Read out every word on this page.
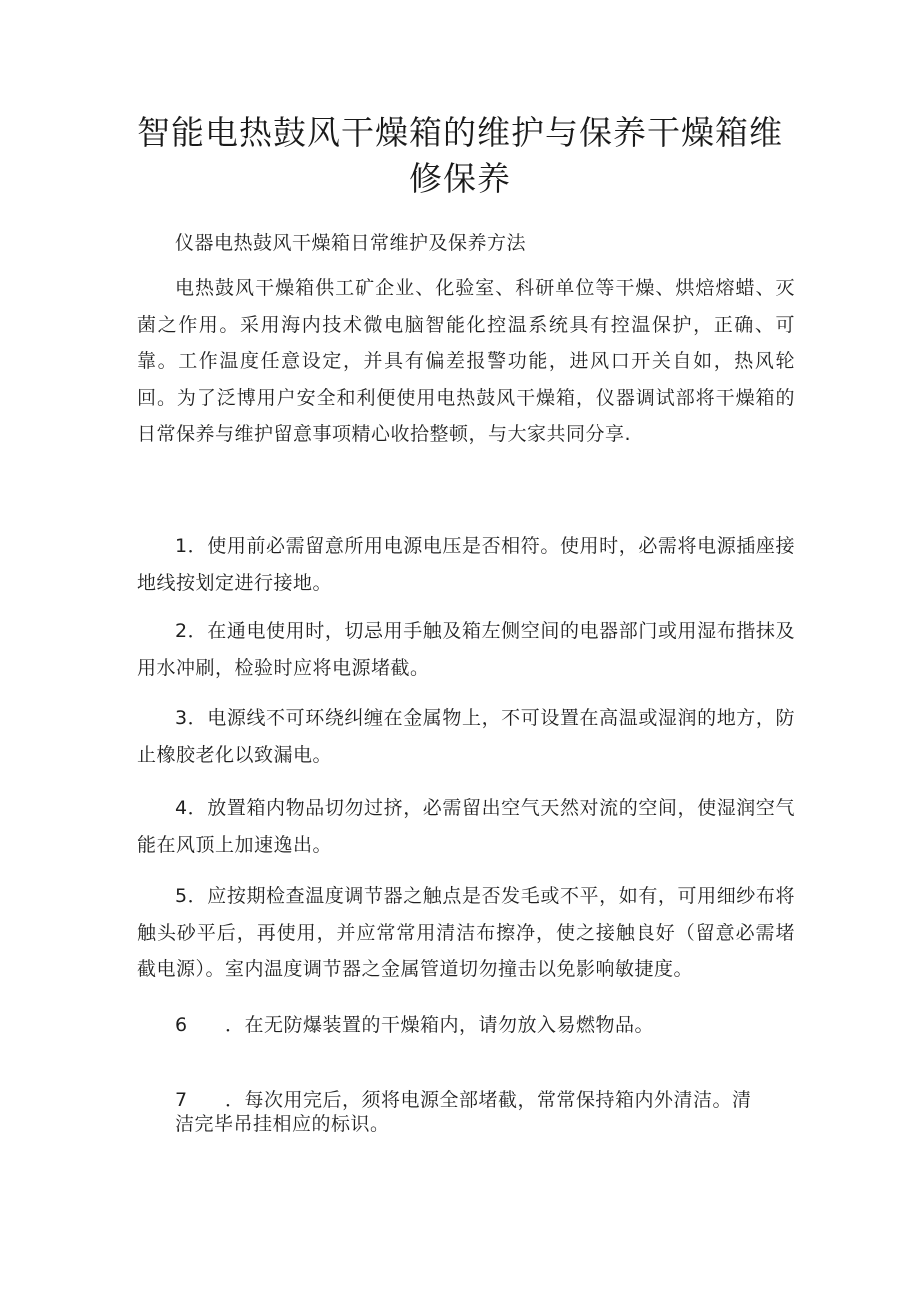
智能电热鼓风干燥箱的维护与保养干燥箱维
修保养

仪器电热鼓风干燥箱日常维护及保养方法

电热鼓风干燥箱供工矿企业、化验室、科研单位等干燥、烘焙熔蜡、灭菌之作用。采用海内技术微电脑智能化控温系统具有控温保护，正确、可靠。工作温度任意设定，并具有偏差报警功能，进风口开关自如，热风轮回。为了泛博用户安全和利便使用电热鼓风干燥箱，仪器调试部将干燥箱的日常保养与维护留意事项精心收拾整顿，与大家共同分享.

1．使用前必需留意所用电源电压是否相符。使用时，必需将电源插座接地线按划定进行接地。

2．在通电使用时，切忌用手触及箱左侧空间的电器部门或用湿布揩抹及用水冲刷，检验时应将电源堵截。

3．电源线不可环绕纠缠在金属物上，不可设置在高温或湿润的地方，防止橡胶老化以致漏电。

4．放置箱内物品切勿过挤，必需留出空气天然对流的空间，使湿润空气能在风顶上加速逸出。

5．应按期检查温度调节器之触点是否发毛或不平，如有，可用细纱布将触头砂平后，再使用，并应常常用清洁布擦净，使之接触良好（留意必需堵截电源）。室内温度调节器之金属管道切勿撞击以免影响敏捷度。

6 ．在无防爆装置的干燥箱内，请勿放入易燃物品。

7 ．每次用完后，须将电源全部堵截，常常保持箱内外清洁。清

洁完毕吊挂相应的标识。
